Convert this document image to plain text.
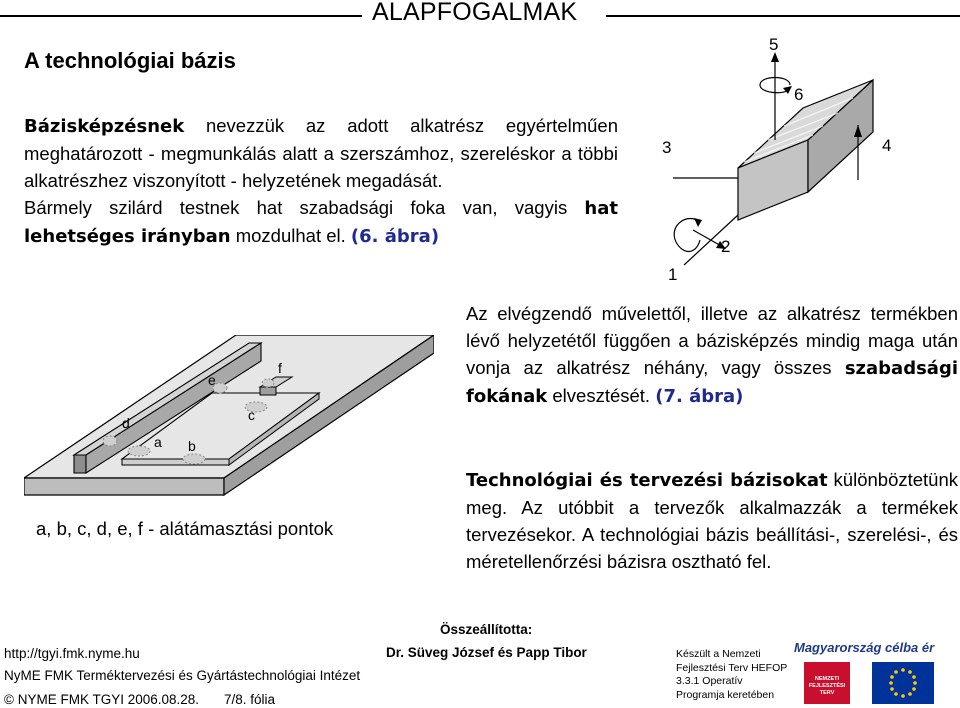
ALAPFOGALMAK
A technológiai bázis
Bázisképzésnek nevezzük az adott alkatrész egyértelműen meghatározott - megmunkálás alatt a szerszámhoz, szereléskor a többi alkatrészhez viszonyított - helyzetének megadását.
Bármely szilárd testnek hat szabadsági foka van, vagyis hat lehetséges irányban mozdulhat el. (6. ábra)
1
2
3	4
5
6
a b
c
d
e
f
a, b, c, d, e, f - alátámasztási pontok
Az elvégzendő művelettől, illetve az alkatrész termékben lévő helyzetétől függően a bázisképzés mindig maga után vonja az alkatrész néhány, vagy összes szabadsági fokának elvesztését. (7. ábra)
Technológiai és tervezési bázisokat különböztetünk meg. Az utóbbit a tervezők alkalmazzák a termékek tervezésekor. A technológiai bázis beállítási-, szerelési-, és méretellenőrzési bázisra osztható fel.
http://tgyi.fmk.nyme.hu
Összeállította:
Dr. Süveg József és Papp Tibor
NyME FMK Terméktervezési és Gyártástechnológiai Intézet
© NYME FMK TGYI 2006.08.28. 7/8. fólia
Készült a Nemzeti
Fejlesztési Terv HEFOP
3.3.1 Operatív
Programja keretében
Magyarország célba ér
NEMZETI
FEJLESZTÉSI
TERV
